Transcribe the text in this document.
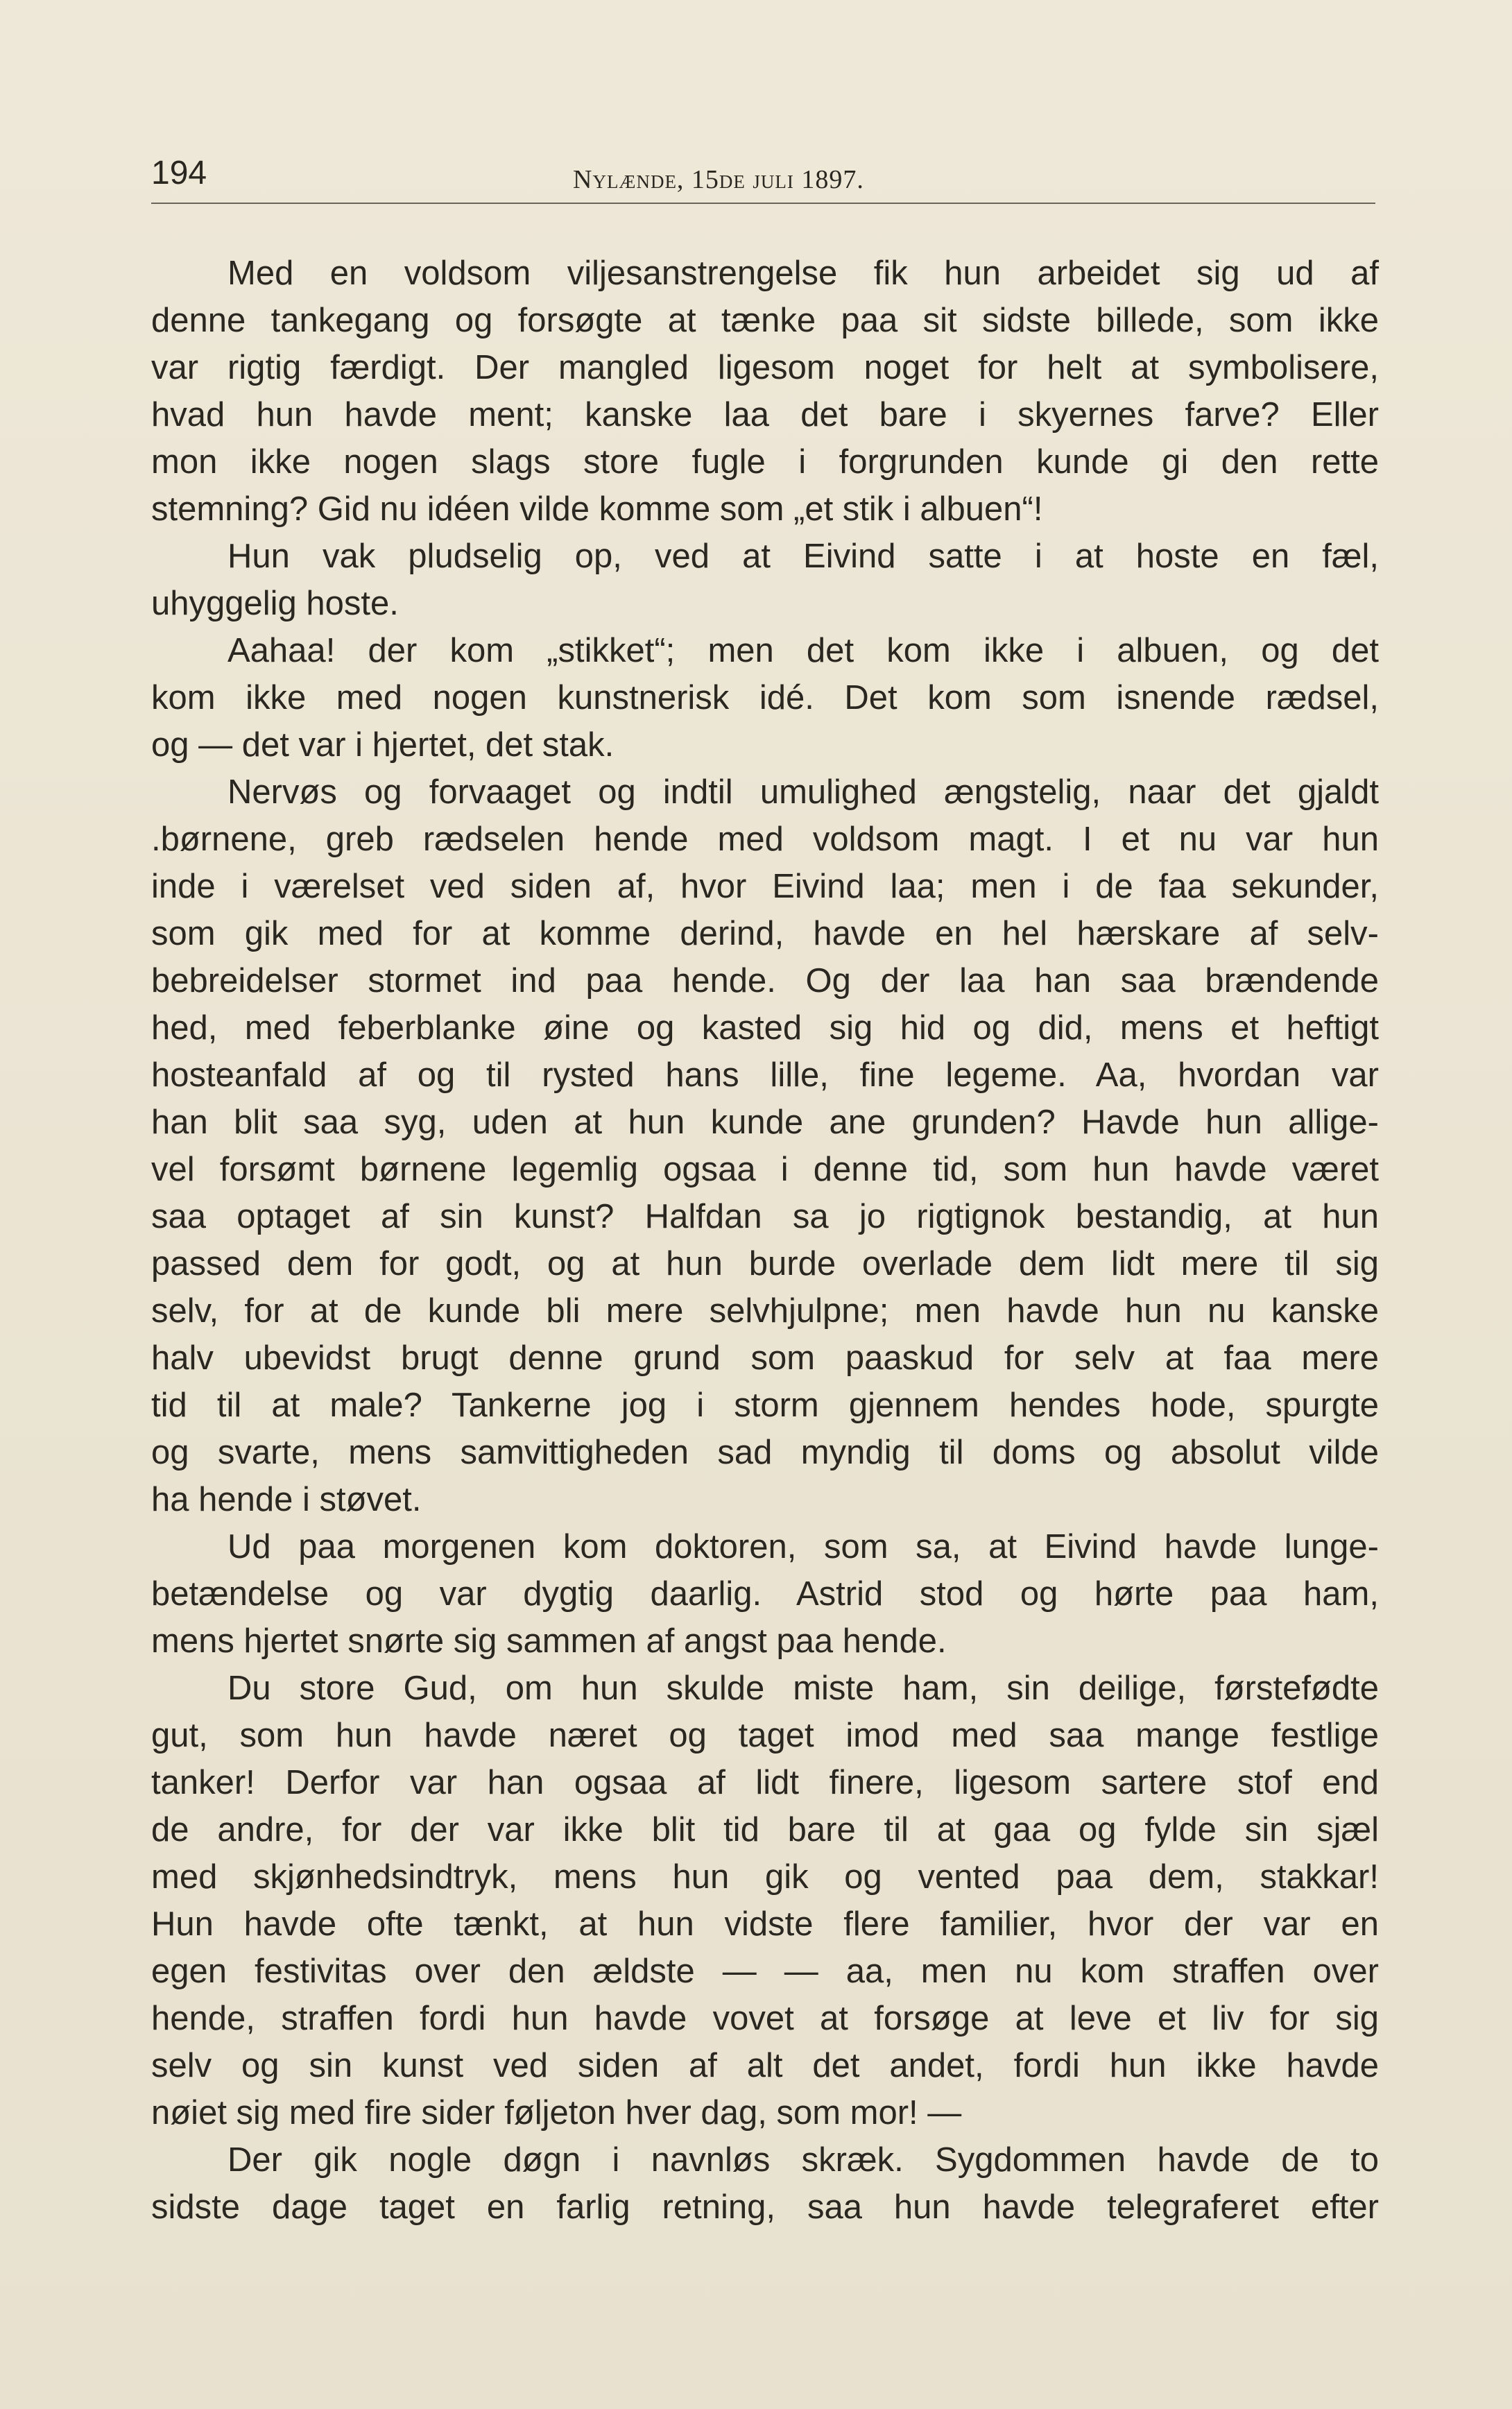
194	Nylænde, 15de juli 1897.
Med en voldsom viljesanstrengelse fik hun arbeidet sig ud af
denne tankegang og forsøgte at tænke paa sit sidste billede, som ikke
var rigtig færdigt. Der mangled ligesom noget for helt at symbolisere,
hvad hun havde ment; kanske laa det bare i skyernes farve? Eller
mon ikke nogen slags store fugle i forgrunden kunde gi den rette
stemning? Gid nu idéen vilde komme som „et stik i albuen“!
Hun vak pludselig op, ved at Eivind satte i at hoste en fæl,
uhyggelig hoste.
Aahaa! der kom „stikket“; men det kom ikke i albuen, og det
kom ikke med nogen kunstnerisk idé. Det kom som isnende rædsel,
og — det var i hjertet, det stak.
Nervøs og forvaaget og indtil umulighed ængstelig, naar det gjaldt
.børnene, greb rædselen hende med voldsom magt. I et nu var hun
inde i værelset ved siden af, hvor Eivind laa; men i de faa sekunder,
som gik med for at komme derind, havde en hel hærskare af selv-
bebreidelser stormet ind paa hende. Og der laa han saa brændende
hed, med feberblanke øine og kasted sig hid og did, mens et heftigt
hosteanfald af og til rysted hans lille, fine legeme. Aa, hvordan var
han blit saa syg, uden at hun kunde ane grunden? Havde hun allige-
vel forsømt børnene legemlig ogsaa i denne tid, som hun havde været
saa optaget af sin kunst? Halfdan sa jo rigtignok bestandig, at hun
passed dem for godt, og at hun burde overlade dem lidt mere til sig
selv, for at de kunde bli mere selvhjulpne; men havde hun nu kanske
halv ubevidst brugt denne grund som paaskud for selv at faa mere
tid til at male? Tankerne jog i storm gjennem hendes hode, spurgte
og svarte, mens samvittigheden sad myndig til doms og absolut vilde
ha hende i støvet.
Ud paa morgenen kom doktoren, som sa, at Eivind havde lunge-
betændelse og var dygtig daarlig. Astrid stod og hørte paa ham,
mens hjertet snørte sig sammen af angst paa hende.
Du store Gud, om hun skulde miste ham, sin deilige, førstefødte
gut, som hun havde næret og taget imod med saa mange festlige
tanker! Derfor var han ogsaa af lidt finere, ligesom sartere stof end
de andre, for der var ikke blit tid bare til at gaa og fylde sin sjæl
med skjønhedsindtryk, mens hun gik og vented paa dem, stakkar!
Hun havde ofte tænkt, at hun vidste flere familier, hvor der var en
egen festivitas over den ældste — — aa, men nu kom straffen over
hende, straffen fordi hun havde vovet at forsøge at leve et liv for sig
selv og sin kunst ved siden af alt det andet, fordi hun ikke havde
nøiet sig med fire sider føljeton hver dag, som mor! —
Der gik nogle døgn i navnløs skræk. Sygdommen havde de to
sidste dage taget en farlig retning, saa hun havde telegraferet efter
